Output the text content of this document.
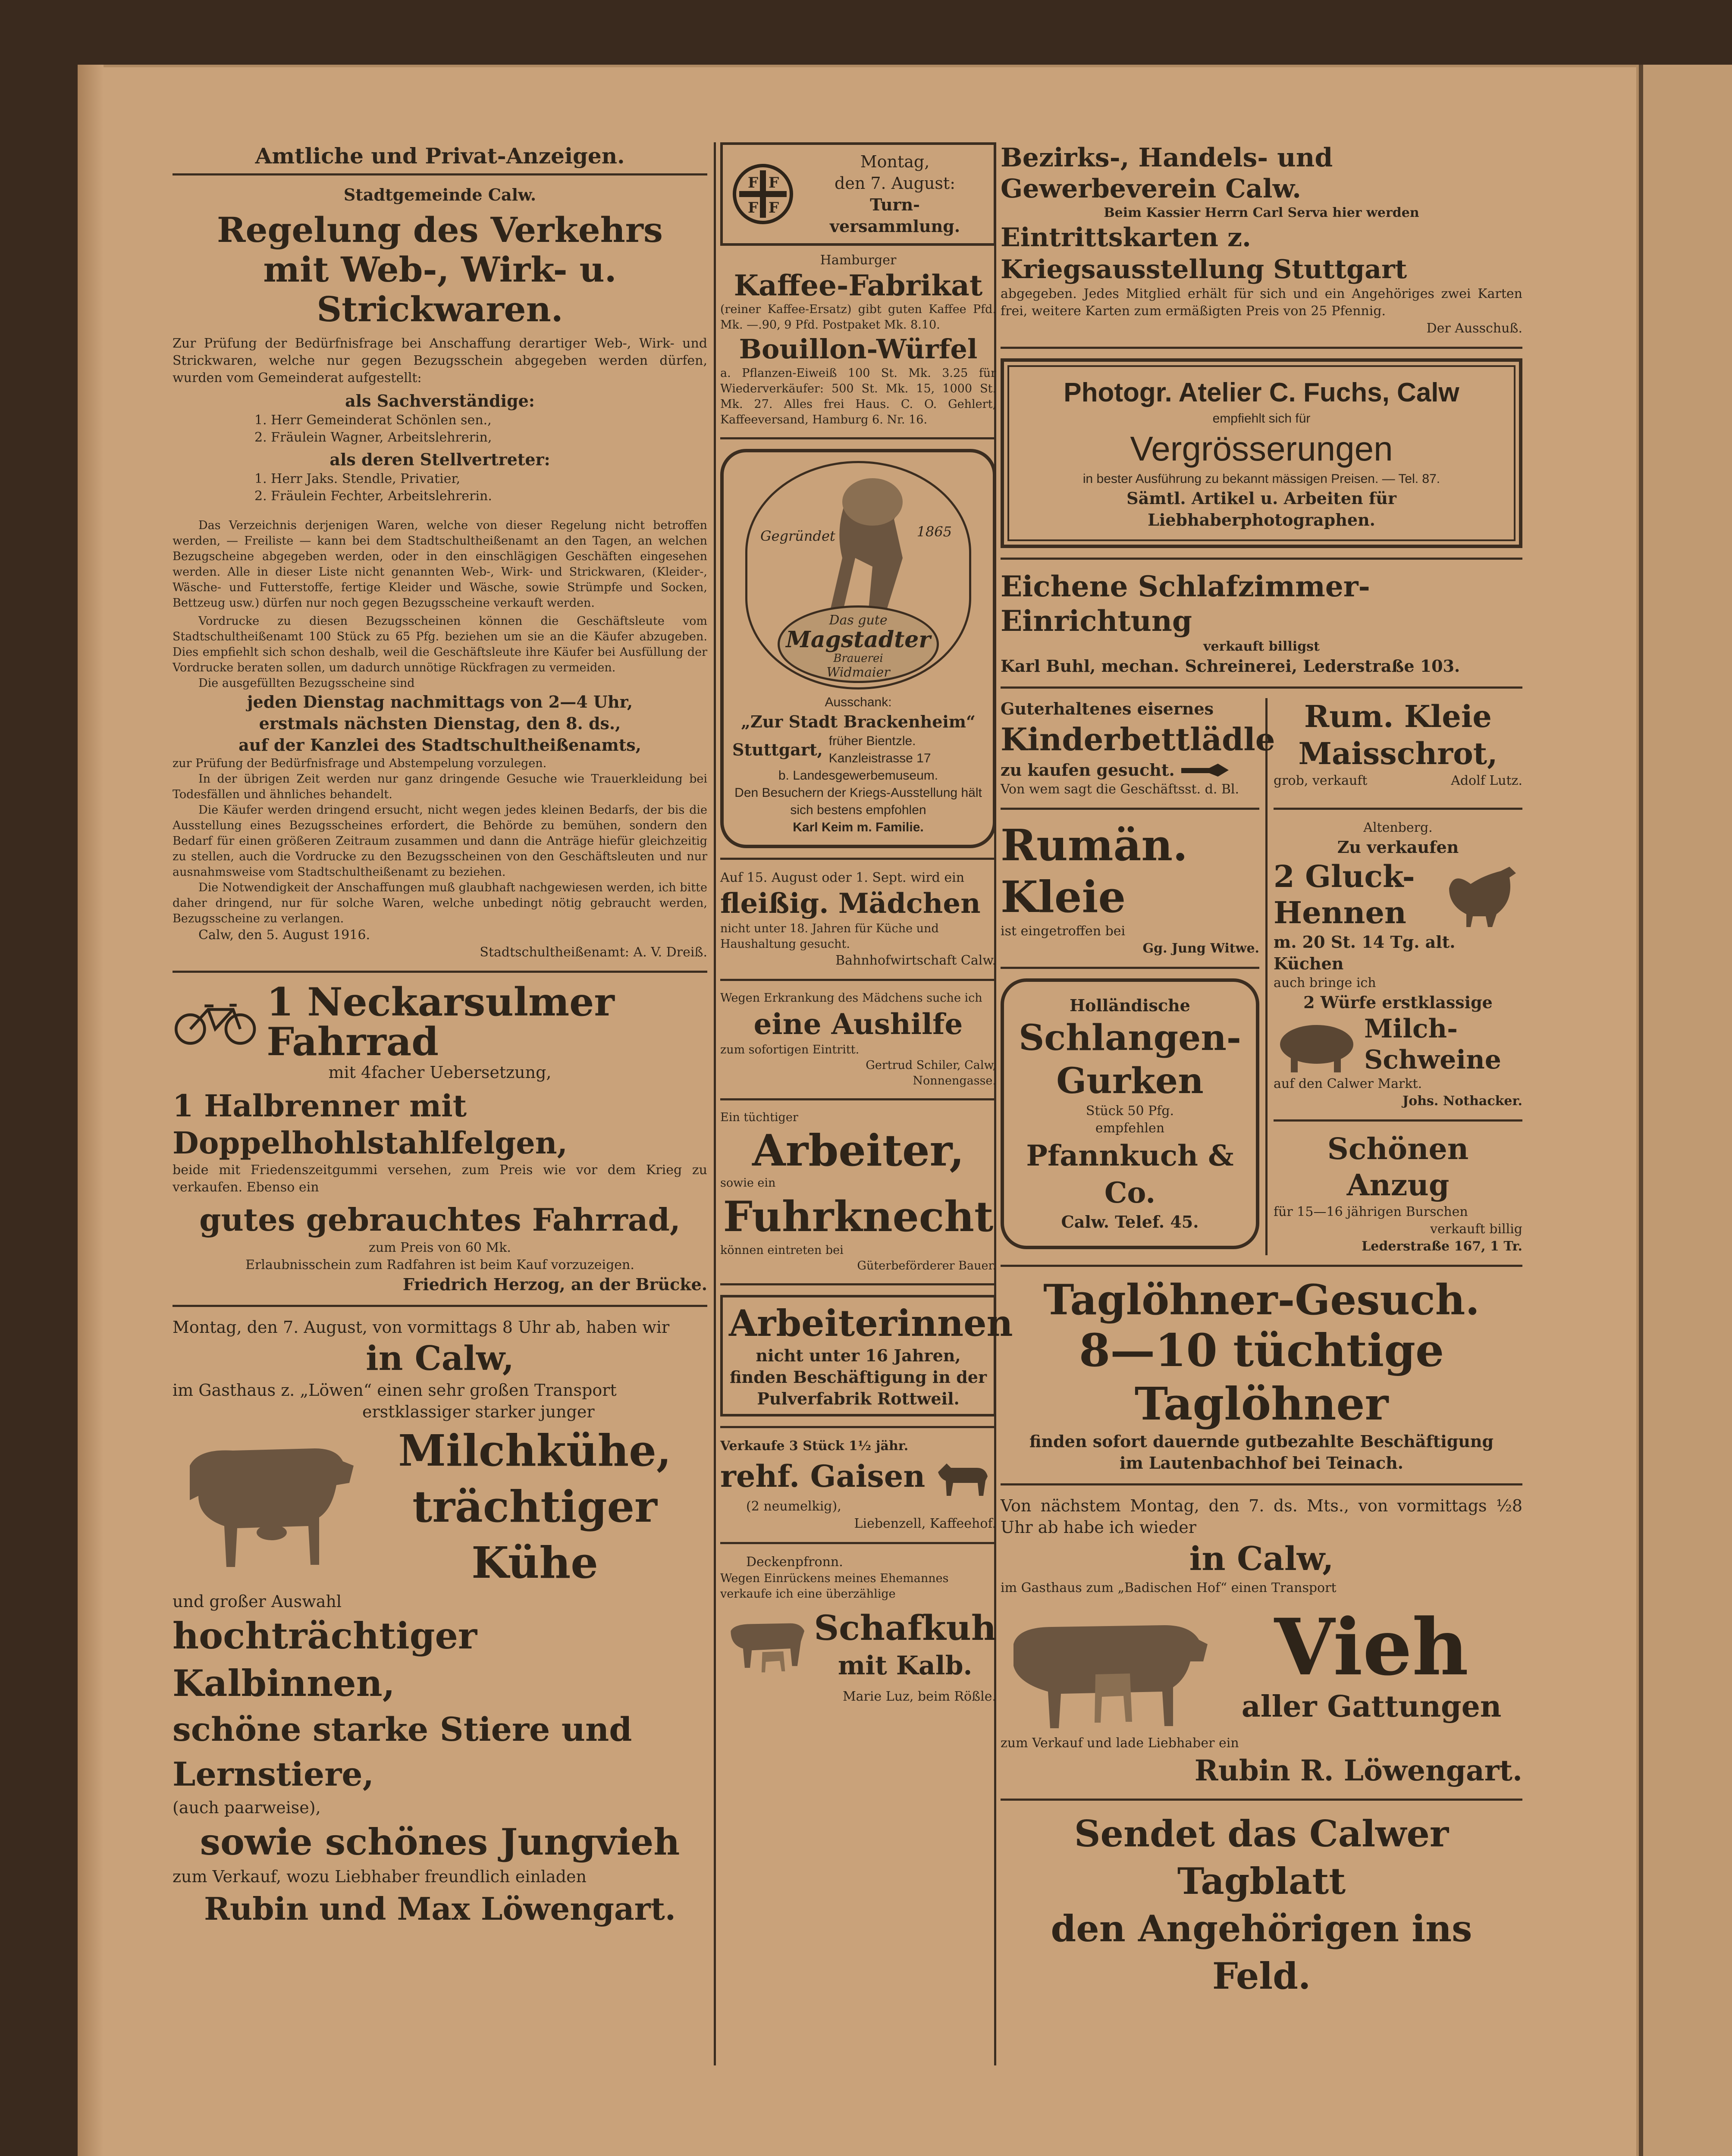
Amtliche und Privat-Anzeigen.

Stadtgemeinde Calw.

Regelung des Verkehrs

mit Web-, Wirk- u. Strickwaren.

Zur Prüfung der Bedürfnisfrage bei Anschaffung derartiger Web-, Wirk- und Strickwaren, welche nur gegen Bezugsschein abgegeben werden dürfen, wurden vom Gemeinderat aufgestellt:

als Sachverständige:

1. Herr Gemeinderat Schönlen sen.,

2. Fräulein Wagner, Arbeitslehrerin,

als deren Stellvertreter:

1. Herr Jaks. Stendle, Privatier,

2. Fräulein Fechter, Arbeitslehrerin.

Das Verzeichnis derjenigen Waren, welche von dieser Regelung nicht betroffen werden, — Freiliste — kann bei dem Stadtschultheißenamt an den Tagen, an welchen Bezugscheine abgegeben werden, oder in den einschlägigen Geschäften eingesehen werden. Alle in dieser Liste nicht genannten Web-, Wirk- und Strickwaren, (Kleider-, Wäsche- und Futterstoffe, fertige Kleider und Wäsche, sowie Strümpfe und Socken, Bettzeug usw.) dürfen nur noch gegen Bezugsscheine verkauft werden.

Vordrucke zu diesen Bezugsscheinen können die Geschäftsleute vom Stadtschultheißenamt 100 Stück zu 65 Pfg. beziehen um sie an die Käufer abzugeben. Dies empfiehlt sich schon deshalb, weil die Geschäftsleute ihre Käufer bei Ausfüllung der Vordrucke beraten sollen, um dadurch unnötige Rückfragen zu vermeiden.

Die ausgefüllten Bezugsscheine sind

jeden Dienstag nachmittags von 2—4 Uhr,

erstmals nächsten Dienstag, den 8. ds.,

auf der Kanzlei des Stadtschultheißenamts,

zur Prüfung der Bedürfnisfrage und Abstempelung vorzulegen.

In der übrigen Zeit werden nur ganz dringende Gesuche wie Trauerkleidung bei Todesfällen und ähnliches behandelt.

Die Käufer werden dringend ersucht, nicht wegen jedes kleinen Bedarfs, der bis die Ausstellung eines Bezugsscheines erfordert, die Behörde zu bemühen, sondern den Bedarf für einen größeren Zeitraum zusammen und dann die Anträge hiefür gleichzeitig zu stellen, auch die Vordrucke zu den Bezugsscheinen von den Geschäftsleuten und nur ausnahmsweise vom Stadtschultheißenamt zu beziehen.

Die Notwendigkeit der Anschaffungen muß glaubhaft nachgewiesen werden, ich bitte daher dringend, nur für solche Waren, welche unbedingt nötig gebraucht werden, Bezugsscheine zu verlangen.

Calw, den 5. August 1916.

Stadtschultheißenamt: A. V. Dreiß.

1 Neckarsulmer Fahrrad

mit 4facher Uebersetzung,

1 Halbrenner mit Doppelhohlstahlfelgen,

beide mit Friedenszeitgummi versehen, zum Preis wie vor dem Krieg zu verkaufen. Ebenso ein

gutes gebrauchtes Fahrrad,

zum Preis von 60 Mk.

Erlaubnisschein zum Radfahren ist beim Kauf vorzuzeigen.

Friedrich Herzog, an der Brücke.

Montag, den 7. August, von vormittags 8 Uhr ab, haben wir

in Calw,

im Gasthaus z. „Löwen“ einen sehr großen Transport

erstklassiger starker junger

Milchkühe,

trächtiger Kühe

und großer Auswahl

hochträchtiger Kalbinnen,

schöne starke Stiere und Lernstiere,

(auch paarweise),

sowie schönes Jungvieh

zum Verkauf, wozu Liebhaber freundlich einladen

Rubin und Max Löwengart.

F F
F F

Montag,

den 7. August:

Turn-

versammlung.

Hamburger

Kaffee-Fabrikat

(reiner Kaffee-Ersatz) gibt guten Kaffee Pfd. Mk. —.90, 9 Pfd. Postpaket Mk. 8.10.

Bouillon-Würfel

a. Pflanzen-Eiweiß 100 St. Mk. 3.25 für Wiederverkäufer: 500 St. Mk. 15, 1000 St. Mk. 27. Alles frei Haus. C. O. Gehlert, Kaffeeversand, Hamburg 6. Nr. 16.

Gegründet	1865

Das gute

Magstadter

Brauerei

Widmaier

Ausschank:

„Zur Stadt Brackenheim“

Stuttgart, früher Bientzle.

Kanzleistrasse 17

b. Landesgewerbemuseum.

Den Besuchern der Kriegs-Ausstellung hält sich bestens empfohlen

Karl Keim m. Familie.

Auf 15. August oder 1. Sept. wird ein

fleißig. Mädchen

nicht unter 18. Jahren für Küche und Haushaltung gesucht.

Bahnhofwirtschaft Calw.

Wegen Erkrankung des Mädchens suche ich

eine Aushilfe

zum sofortigen Eintritt.

Gertrud Schiler, Calw,

Nonnengasse.

Ein tüchtiger

Arbeiter,

sowie ein

Fuhrknecht

können eintreten bei

Güterbeförderer Bauer.

Arbeiterinnen

nicht unter 16 Jahren,

finden Beschäftigung in der

Pulverfabrik Rottweil.

Verkaufe 3 Stück 1½ jähr.

rehf. Gaisen

(2 neumelkig),

Liebenzell, Kaffeehof.

Deckenpfronn.

Wegen Einrückens meines Ehemannes verkaufe ich eine überzählige

Schafkuh

mit Kalb.

Marie Luz, beim Rößle.

Bezirks-, Handels- und Gewerbeverein Calw.

Beim Kassier Herrn Carl Serva hier werden

Eintrittskarten z. Kriegsausstellung Stuttgart

abgegeben. Jedes Mitglied erhält für sich und ein Angehöriges zwei Karten frei, weitere Karten zum ermäßigten Preis von 25 Pfennig.

Der Ausschuß.

Photogr. Atelier C. Fuchs, Calw

empfiehlt sich für

Vergrösserungen

in bester Ausführung zu bekannt mässigen Preisen. — Tel. 87.

Sämtl. Artikel u. Arbeiten für Liebhaberphotographen.

Eichene Schlafzimmer-Einrichtung

verkauft billigst

Karl Buhl, mechan. Schreinerei, Lederstraße 103.

Guterhaltenes eisernes

Kinderbettlädle

zu kaufen gesucht.

Von wem sagt die Geschäftsst. d. Bl.

Rum. Kleie

Maisschrot,

grob, verkauft	Adolf Lutz.

Rumän. Kleie

ist eingetroffen bei

Gg. Jung Witwe.

Holländische

Schlangen-

Gurken

Stück 50 Pfg.

empfehlen

Pfannkuch & Co.

Calw. Telef. 45.

Altenberg.

Zu verkaufen

2 Gluck-

Hennen

m. 20 St. 14 Tg. alt. Küchen

auch bringe ich

2 Würfe erstklassige

Milch-

Schweine

auf den Calwer Markt.

Johs. Nothacker.

Schönen Anzug

für 15—16 jährigen Burschen

verkauft billig

Lederstraße 167, 1 Tr.

Taglöhner-Gesuch.

8—10 tüchtige Taglöhner

finden sofort dauernde gutbezahlte Beschäftigung

im Lautenbachhof bei Teinach.

Von nächstem Montag, den 7. ds. Mts., von vormittags ½8 Uhr ab habe ich wieder

in Calw,

im Gasthaus zum „Badischen Hof“ einen Transport

Vieh

aller Gattungen

zum Verkauf und lade Liebhaber ein

Rubin R. Löwengart.

Sendet das Calwer Tagblatt

den Angehörigen ins Feld.
